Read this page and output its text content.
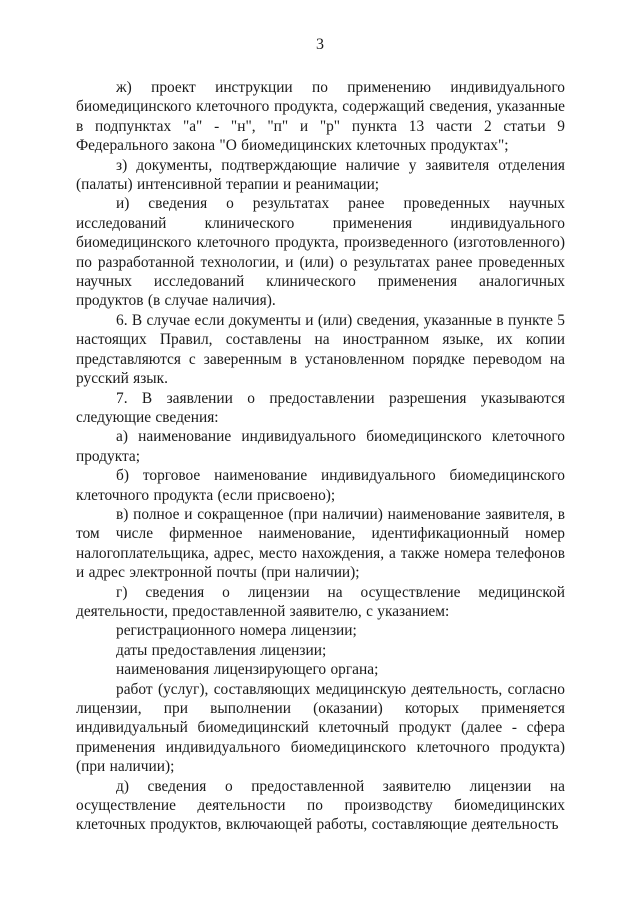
3

ж) проект инструкции по применению индивидуального биомедицинского клеточного продукта, содержащий сведения, указанные в подпунктах "а" - "н", "п" и "р" пункта 13 части 2 статьи 9 Федерального закона "О биомедицинских клеточных продуктах";

з) документы, подтверждающие наличие у заявителя отделения (палаты) интенсивной терапии и реанимации;

и) сведения о результатах ранее проведенных научных исследований клинического применения индивидуального биомедицинского клеточного продукта, произведенного (изготовленного) по разработанной технологии, и (или) о результатах ранее проведенных научных исследований клинического применения аналогичных продуктов (в случае наличия).

6. В случае если документы и (или) сведения, указанные в пункте 5 настоящих Правил, составлены на иностранном языке, их копии представляются с заверенным в установленном порядке переводом на русский язык.

7. В заявлении о предоставлении разрешения указываются следующие сведения:

а) наименование индивидуального биомедицинского клеточного продукта;

б) торговое наименование индивидуального биомедицинского клеточного продукта (если присвоено);

в) полное и сокращенное (при наличии) наименование заявителя, в том числе фирменное наименование, идентификационный номер налогоплательщика, адрес, место нахождения, а также номера телефонов и адрес электронной почты (при наличии);

г) сведения о лицензии на осуществление медицинской деятельности, предоставленной заявителю, с указанием:

регистрационного номера лицензии;

даты предоставления лицензии;

наименования лицензирующего органа;

работ (услуг), составляющих медицинскую деятельность, согласно лицензии, при выполнении (оказании) которых применяется индивидуальный биомедицинский клеточный продукт (далее - сфера применения индивидуального биомедицинского клеточного продукта) (при наличии);

д) сведения о предоставленной заявителю лицензии на осуществление деятельности по производству биомедицинских клеточных продуктов, включающей работы, составляющие деятельность
